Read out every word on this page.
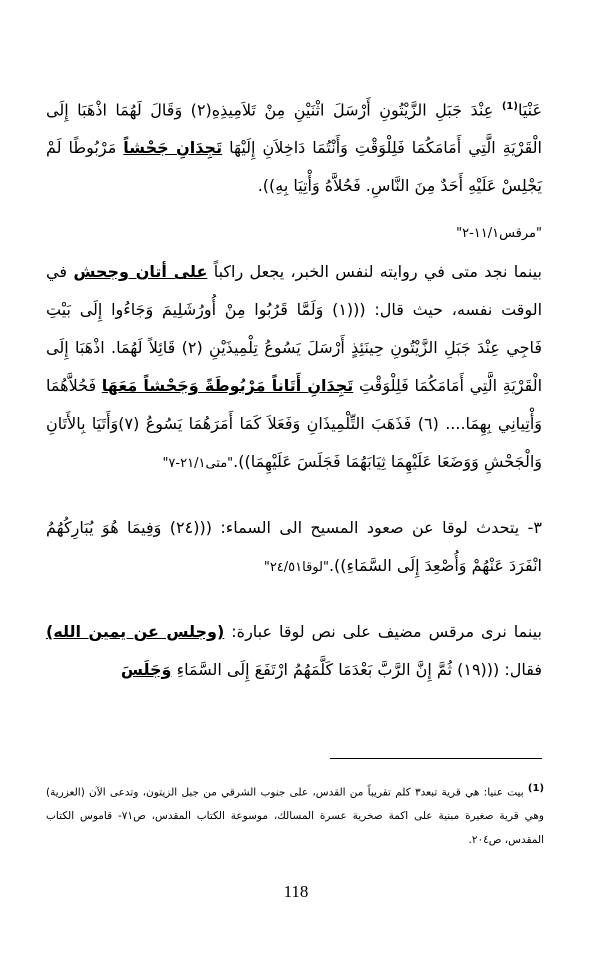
عَنْيَا$^{(1)}$ عِنْدَ جَبَلِ الزَّيْتُونِ أَرْسَلَ اثْنَيْنِ مِنْ تَلاَمِيذِهِ(٢) وَقَالَ لَهُمَا اذْهَبَا إِلَى الْقَرْيَةِ الَّتِي أَمَامَكُمَا فَلِلْوَقْتِ وَأَنْتُمَا دَاخِلاَنِ إِلَيْهَا تَجِدَانِ جَحْشاً مَرْبُوطًا لَمْ يَجْلِسْ عَلَيْهِ أَحَدٌ مِنَ النَّاسِ. فَحُلاَّهُ وَأْتِيَا بِهِ)).

"مرقس١١/١-٢"

بينما نجد متى في روايته لنفس الخبر، يجعل راكباً على أتان وجحش في الوقت نفسه، حيث قال: (((١) وَلَمَّا قَرُبُوا مِنْ أُورُشَلِيمَ وَجَاءُوا إِلَى بَيْتِ فَاجِي عِنْدَ جَبَلِ الزَّيْتُونِ حِينَئِذٍ أَرْسَلَ يَسُوعُ تِلْمِيذَيْنِ (٢) قَائِلاً لَهُمَا. اذْهَبَا إِلَى الْقَرْيَةِ الَّتِي أَمَامَكُمَا فَلِلْوَقْتِ تَجِدَانِ أَتَاناً مَرْبُوطَةً وَجَحْشاً مَعَهَا فَحُلاَّهُمَا وَأْتِيانِي بِهِمَا.... (٦) فَذَهَبَ التِّلْمِيذَانِ وَفَعَلاَ كَمَا أَمَرَهُمَا يَسُوعُ (٧)وَأَتَيَا بِالأَتَانِ وَالْجَحْشِ وَوَضَعَا عَلَيْهِمَا ثِيَابَهُمَا فَجَلَسَ عَلَيْهِمَا))."متى٢١/١-٧"

٣- يتحدث لوقا عن صعود المسيح الى السماء: (((٢٤) وَفِيمَا هُوَ يُبَارِكُهُمُ انْفَرَدَ عَنْهُمْ وَأُصْعِدَ إِلَى السَّمَاءِ))."لوقا٢٤/٥١"

بينما نرى مرقس مضيف على نص لوقا عبارة: (وجلس عن يمين الله) فقال: (((١٩) ثُمَّ إِنَّ الرَّبَّ بَعْدَمَا كَلَّمَهُمُ ارْتَفَعَ إِلَى السَّمَاءِ وَجَلَسَ

(1) بيت عنيا: هي قرية تبعد٣ كلم تقريباً من القدس، على جنوب الشرقي من جبل الزيتون، وتدعى الآن (العزرية) وهي قرية صغيرة مبنية على اكمة صخرية عسرة المسالك، موسوعة الكتاب المقدس، ص٧١- قاموس الكتاب المقدس، ص٢٠٤.

118
